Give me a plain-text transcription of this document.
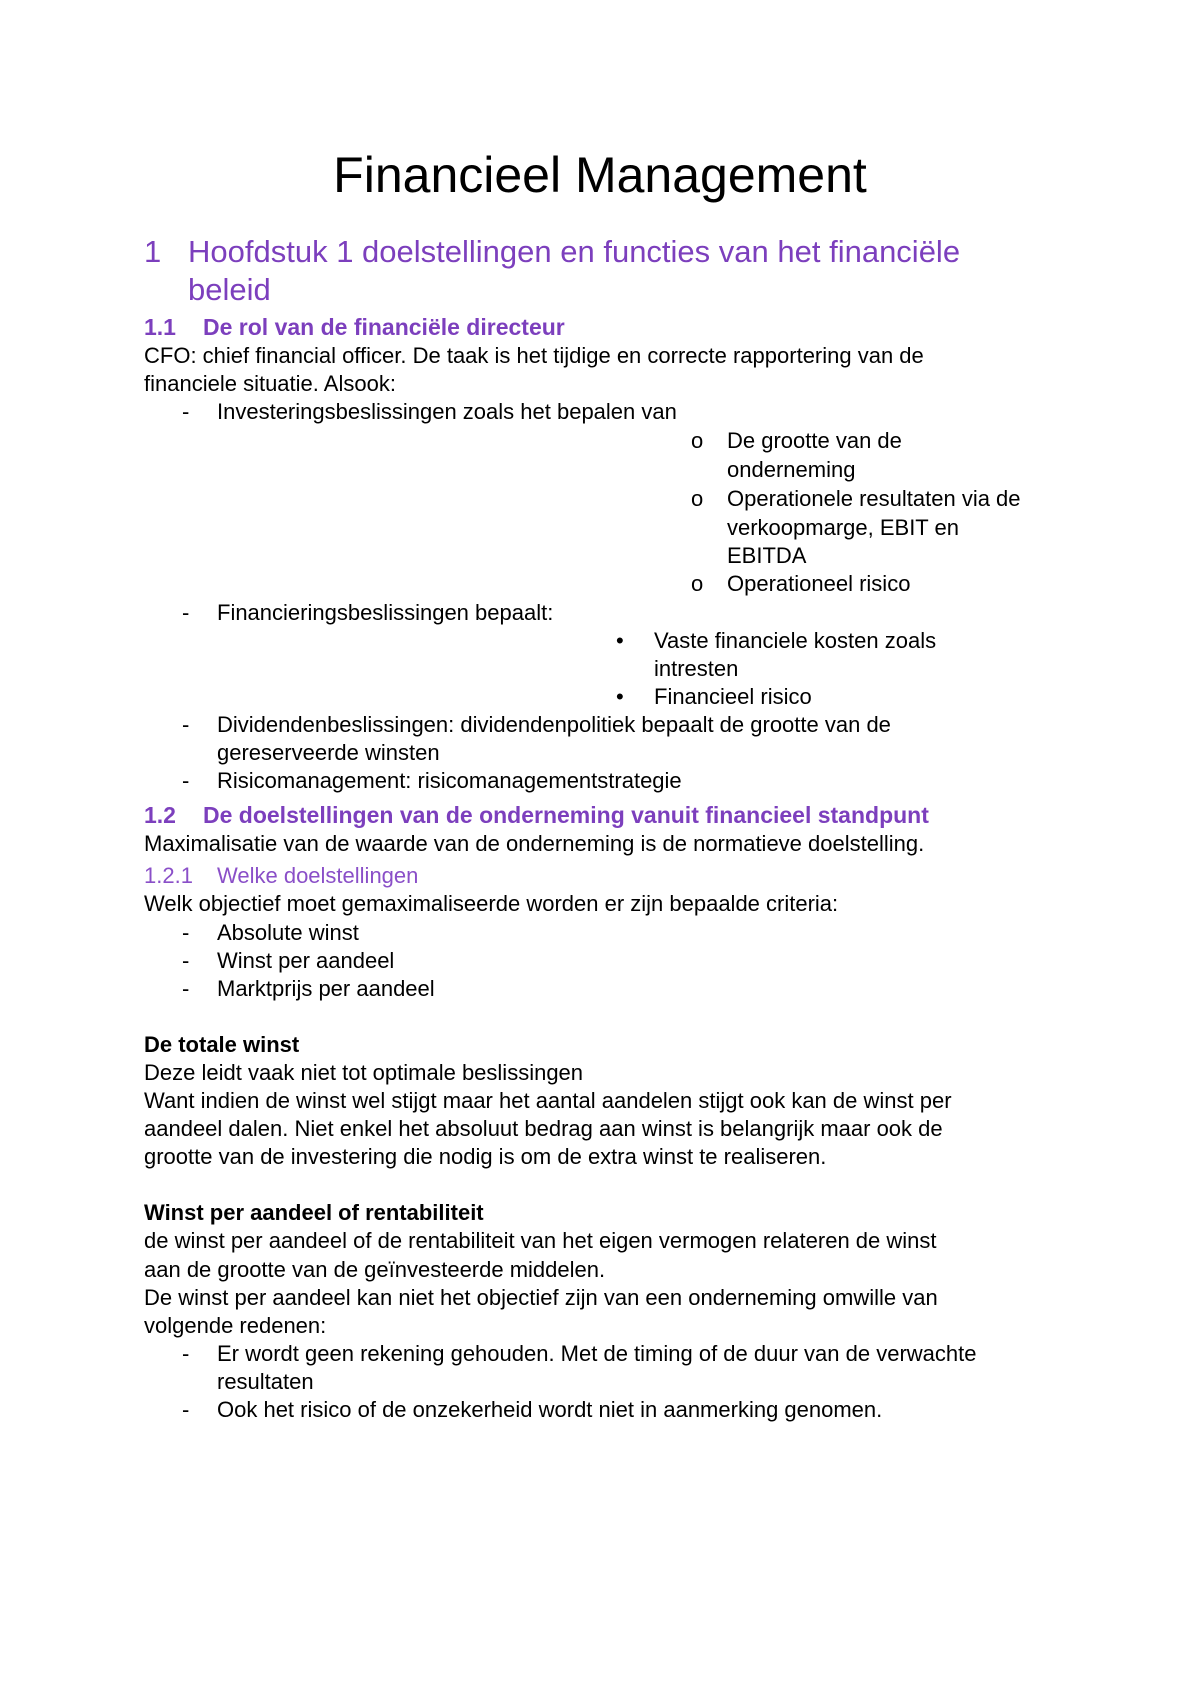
Financieel Management
1 Hoofdstuk 1 doelstellingen en functies van het financiële
beleid
1.1 De rol van de financiële directeur
CFO: chief financial officer. De taak is het tijdige en correcte rapportering van de
financiele situatie. Alsook:
- Investeringsbeslissingen zoals het bepalen van
o De grootte van de
onderneming
o Operationele resultaten via de
verkoopmarge, EBIT en
EBITDA
o Operationeel risico
- Financieringsbeslissingen bepaalt:
• Vaste financiele kosten zoals
intresten
• Financieel risico
- Dividendenbeslissingen: dividendenpolitiek bepaalt de grootte van de
gereserveerde winsten
- Risicomanagement: risicomanagementstrategie
1.2 De doelstellingen van de onderneming vanuit financieel standpunt
Maximalisatie van de waarde van de onderneming is de normatieve doelstelling.
1.2.1 Welke doelstellingen
Welk objectief moet gemaximaliseerde worden er zijn bepaalde criteria:
- Absolute winst
- Winst per aandeel
- Marktprijs per aandeel
De totale winst
Deze leidt vaak niet tot optimale beslissingen
Want indien de winst wel stijgt maar het aantal aandelen stijgt ook kan de winst per
aandeel dalen. Niet enkel het absoluut bedrag aan winst is belangrijk maar ook de
grootte van de investering die nodig is om de extra winst te realiseren.
Winst per aandeel of rentabiliteit
de winst per aandeel of de rentabiliteit van het eigen vermogen relateren de winst
aan de grootte van de geïnvesteerde middelen.
De winst per aandeel kan niet het objectief zijn van een onderneming omwille van
volgende redenen:
- Er wordt geen rekening gehouden. Met de timing of de duur van de verwachte
resultaten
- Ook het risico of de onzekerheid wordt niet in aanmerking genomen.
